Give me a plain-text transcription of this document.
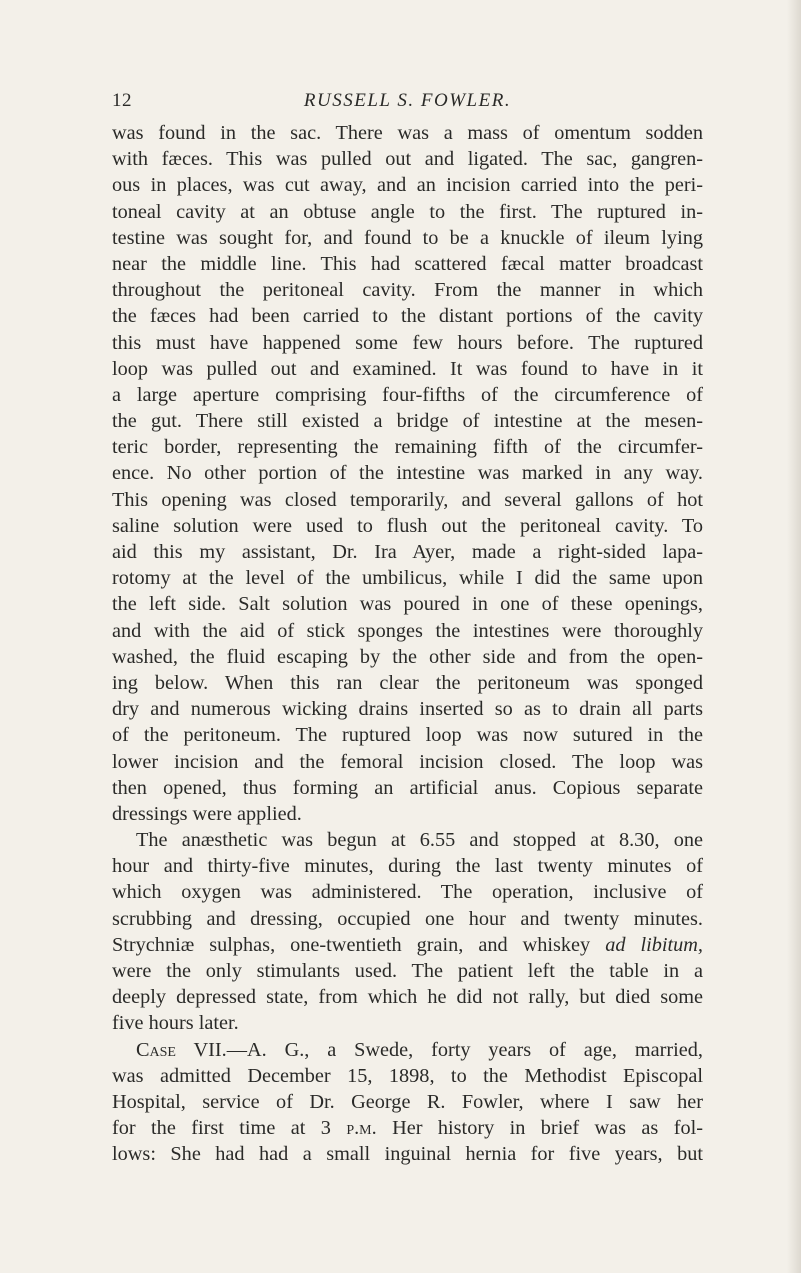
12	RUSSELL S. FOWLER.
was found in the sac. There was a mass of omentum sodden
with fæces. This was pulled out and ligated. The sac, gangren-
ous in places, was cut away, and an incision carried into the peri-
toneal cavity at an obtuse angle to the first. The ruptured in-
testine was sought for, and found to be a knuckle of ileum lying
near the middle line. This had scattered fæcal matter broadcast
throughout the peritoneal cavity. From the manner in which
the fæces had been carried to the distant portions of the cavity
this must have happened some few hours before. The ruptured
loop was pulled out and examined. It was found to have in it
a large aperture comprising four-fifths of the circumference of
the gut. There still existed a bridge of intestine at the mesen-
teric border, representing the remaining fifth of the circumfer-
ence. No other portion of the intestine was marked in any way.
This opening was closed temporarily, and several gallons of hot
saline solution were used to flush out the peritoneal cavity. To
aid this my assistant, Dr. Ira Ayer, made a right-sided lapa-
rotomy at the level of the umbilicus, while I did the same upon
the left side. Salt solution was poured in one of these openings,
and with the aid of stick sponges the intestines were thoroughly
washed, the fluid escaping by the other side and from the open-
ing below. When this ran clear the peritoneum was sponged
dry and numerous wicking drains inserted so as to drain all parts
of the peritoneum. The ruptured loop was now sutured in the
lower incision and the femoral incision closed. The loop was
then opened, thus forming an artificial anus. Copious separate
dressings were applied.
The anæsthetic was begun at 6.55 and stopped at 8.30, one
hour and thirty-five minutes, during the last twenty minutes of
which oxygen was administered. The operation, inclusive of
scrubbing and dressing, occupied one hour and twenty minutes.
Strychniæ sulphas, one-twentieth grain, and whiskey ad libitum,
were the only stimulants used. The patient left the table in a
deeply depressed state, from which he did not rally, but died some
five hours later.
Case VII.—A. G., a Swede, forty years of age, married,
was admitted December 15, 1898, to the Methodist Episcopal
Hospital, service of Dr. George R. Fowler, where I saw her
for the first time at 3 p.m. Her history in brief was as fol-
lows: She had had a small inguinal hernia for five years, but
